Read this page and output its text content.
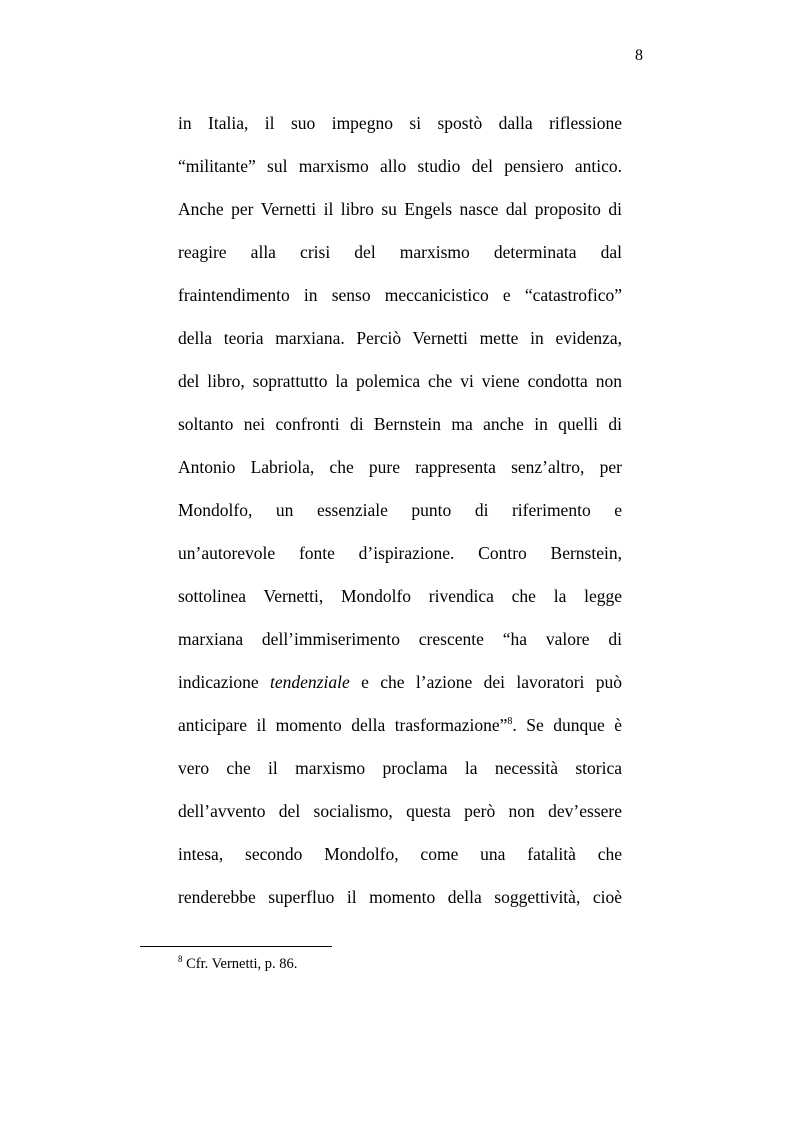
8
in Italia, il suo impegno si spostò dalla riflessione
“militante” sul marxismo allo studio del pensiero antico.
Anche per Vernetti il libro su Engels nasce dal proposito di
reagire alla crisi del marxismo determinata dal
fraintendimento in senso meccanicistico e “catastrofico”
della teoria marxiana. Perciò Vernetti mette in evidenza,
del libro, soprattutto la polemica che vi viene condotta non
soltanto nei confronti di Bernstein ma anche in quelli di
Antonio Labriola, che pure rappresenta senz’altro, per
Mondolfo, un essenziale punto di riferimento e
un’autorevole fonte d’ispirazione. Contro Bernstein,
sottolinea Vernetti, Mondolfo rivendica che la legge
marxiana dell’immiserimento crescente “ha valore di
indicazione tendenziale e che l’azione dei lavoratori può
anticipare il momento della trasformazione”$^8$. Se dunque è
vero che il marxismo proclama la necessità storica
dell’avvento del socialismo, questa però non dev’essere
intesa, secondo Mondolfo, come una fatalità che
renderebbe superfluo il momento della soggettività, cioè
$^8$ Cfr. Vernetti, p. 86.
